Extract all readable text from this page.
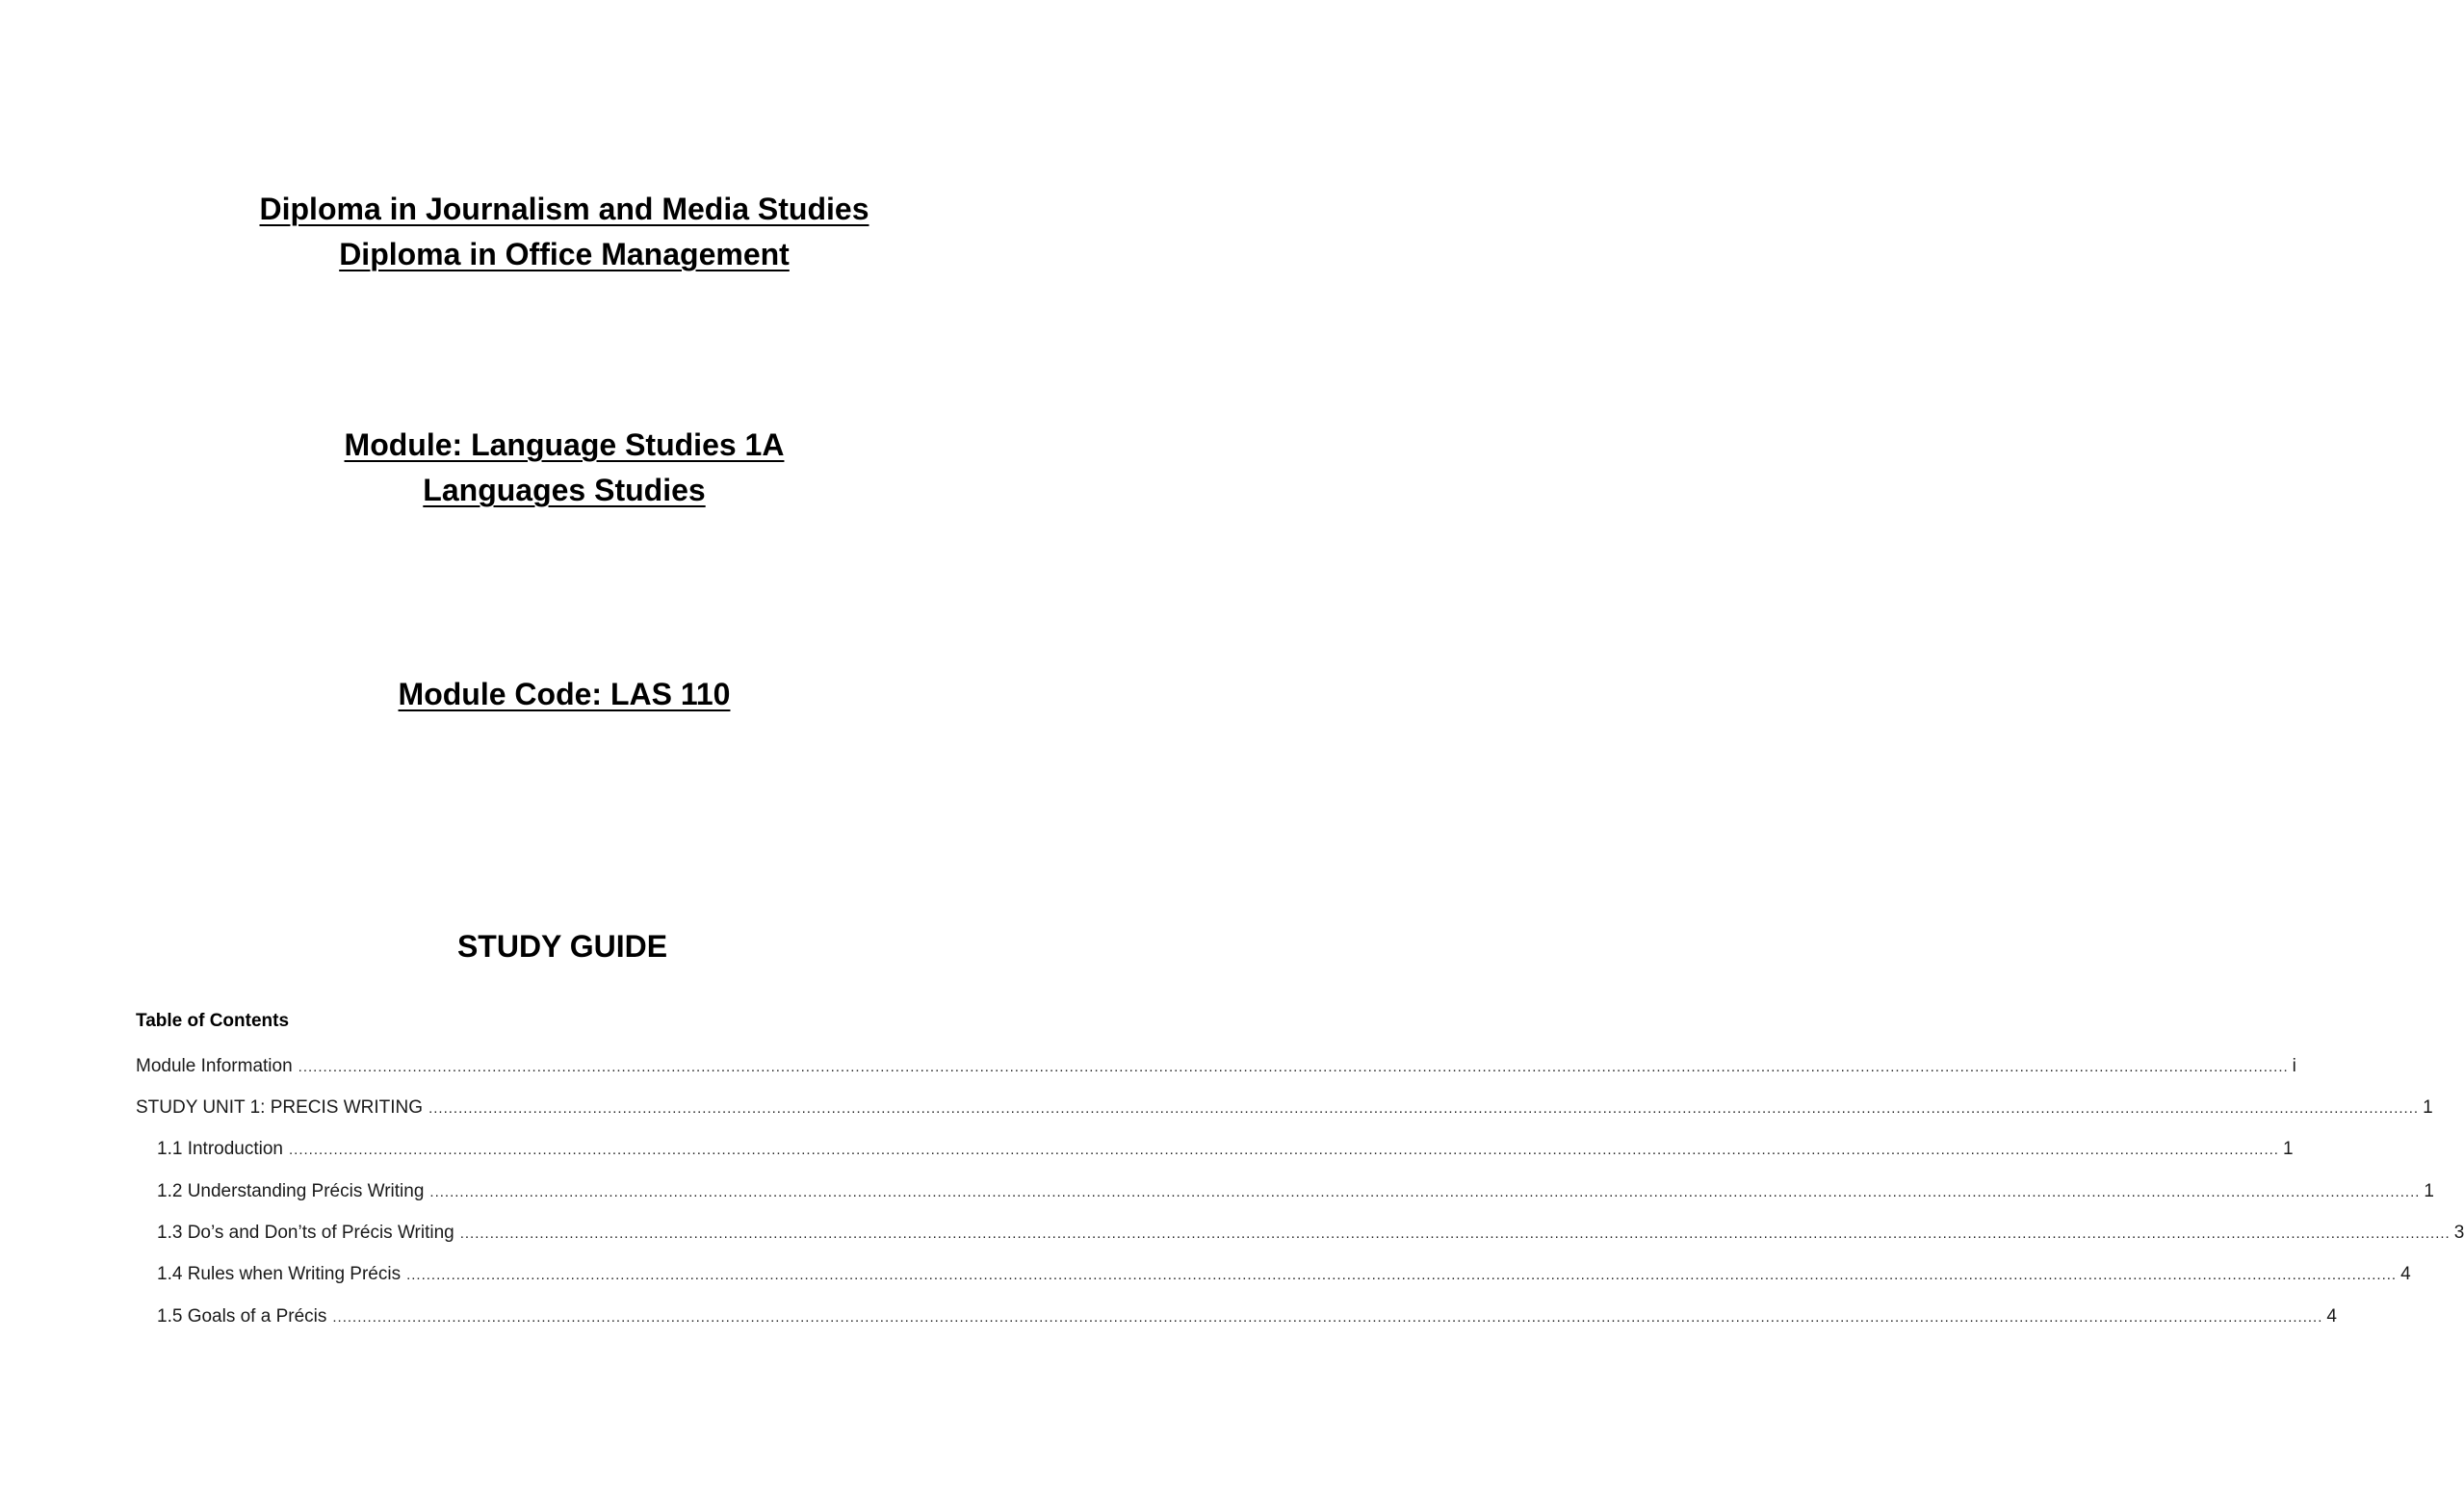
Diploma in Journalism and Media Studies
Diploma in Office Management
Module: Language Studies 1A
Languages Studies
Module Code: LAS 110
STUDY GUIDE
Table of Contents
Module Information ................................................................................................................................................................................................................................................................................................................................................................................................................ i
STUDY UNIT 1: PRECIS WRITING ................................................................................................................................................................................................................................................................................................................................................................................................................ 1
1.1 Introduction ................................................................................................................................................................................................................................................................................................................................................................................................................ 1
1.2 Understanding Précis Writing ................................................................................................................................................................................................................................................................................................................................................................................................................ 1
1.3 Do’s and Don’ts of Précis Writing ................................................................................................................................................................................................................................................................................................................................................................................................................ 3
1.4 Rules when Writing Précis ................................................................................................................................................................................................................................................................................................................................................................................................................ 4
1.5 Goals of a Précis ................................................................................................................................................................................................................................................................................................................................................................................................................ 4
